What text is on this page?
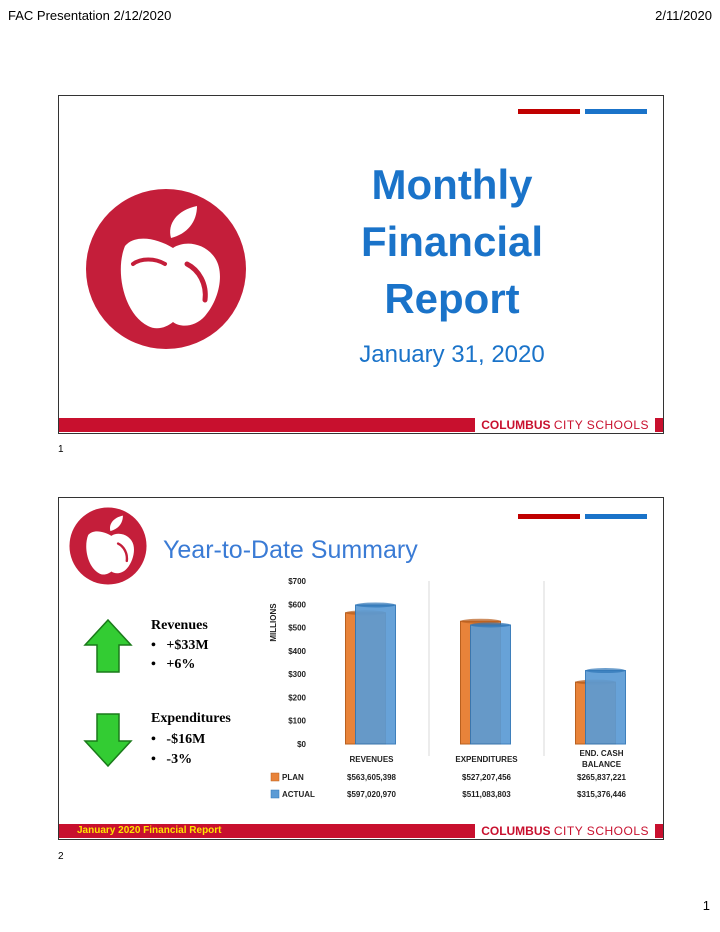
FAC Presentation 2/12/2020	2/11/2020
Monthly
Financial
Report
January 31, 2020
COLUMBUS CITY SCHOOLS
1
Year-to-Date Summary
Revenues
• +$33M
• +6%
Expenditures
• -$16M
• -3%
MILLIONS
$0
$100
$200
$300
$400
$500
$600
$700
REVENUES	EXPENDITURES
END. CASH
BALANCE
PLAN	$563,605,398	$527,207,456	$265,837,221
ACTUAL	$597,020,970	$511,083,803	$315,376,446
January 2020 Financial Report	COLUMBUS CITY SCHOOLS
2
1
